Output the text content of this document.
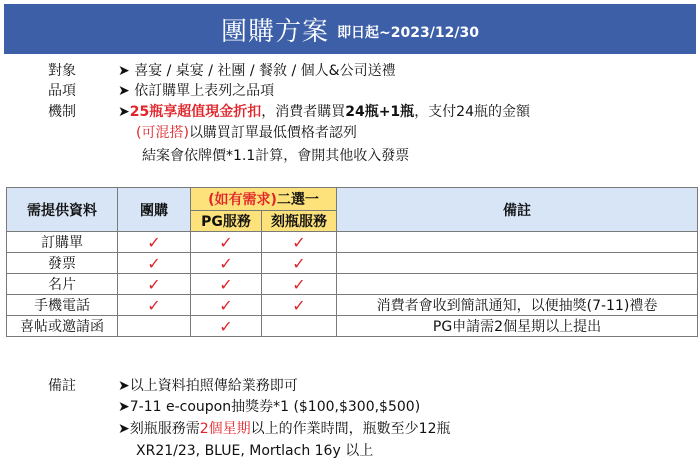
團購方案 即日起~2023/12/30
對象	➤ 喜宴 / 桌宴 / 社團 / 餐敘 / 個人&公司送禮
品項	➤ 依訂購單上表列之品項
機制	➤25瓶享超值現金折扣，消費者購買24瓶+1瓶，支付24瓶的金額
(可混搭)以購買訂單最低價格者認列
結案會依牌價*1.1計算，會開其他收入發票
需提供資料	團購	(如有需求)二選一		備註
		PG服務	刻瓶服務	
訂購單	✓	✓	✓	
發票	✓	✓	✓	
名片	✓	✓	✓	
手機電話	✓	✓	✓	消費者會收到簡訊通知，以便抽獎(7-11)禮卷
喜帖或邀請函		✓		PG申請需2個星期以上提出
備註	➤以上資料拍照傳給業務即可
➤7-11 e-coupon抽獎券*1 ($100,$300,$500)
➤刻瓶服務需2個星期以上的作業時間，瓶數至少12瓶
XR21/23, BLUE, Mortlach 16y 以上
